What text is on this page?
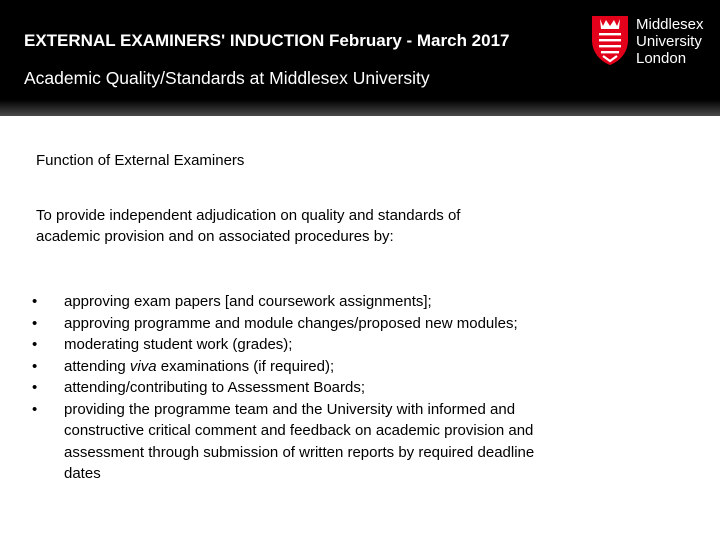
EXTERNAL EXAMINERS' INDUCTION February - March 2017
Academic Quality/Standards at Middlesex University
Middlesex
University
London
Function of External Examiners
To provide independent adjudication on quality and standards of academic provision and on associated procedures by:
• approving exam papers [and coursework assignments];
• approving programme and module changes/proposed new modules;
• moderating student work (grades);
• attending viva examinations (if required);
• attending/contributing to Assessment Boards;
• providing the programme team and the University with informed and constructive critical comment and feedback on academic provision and assessment through submission of written reports by required deadline dates
